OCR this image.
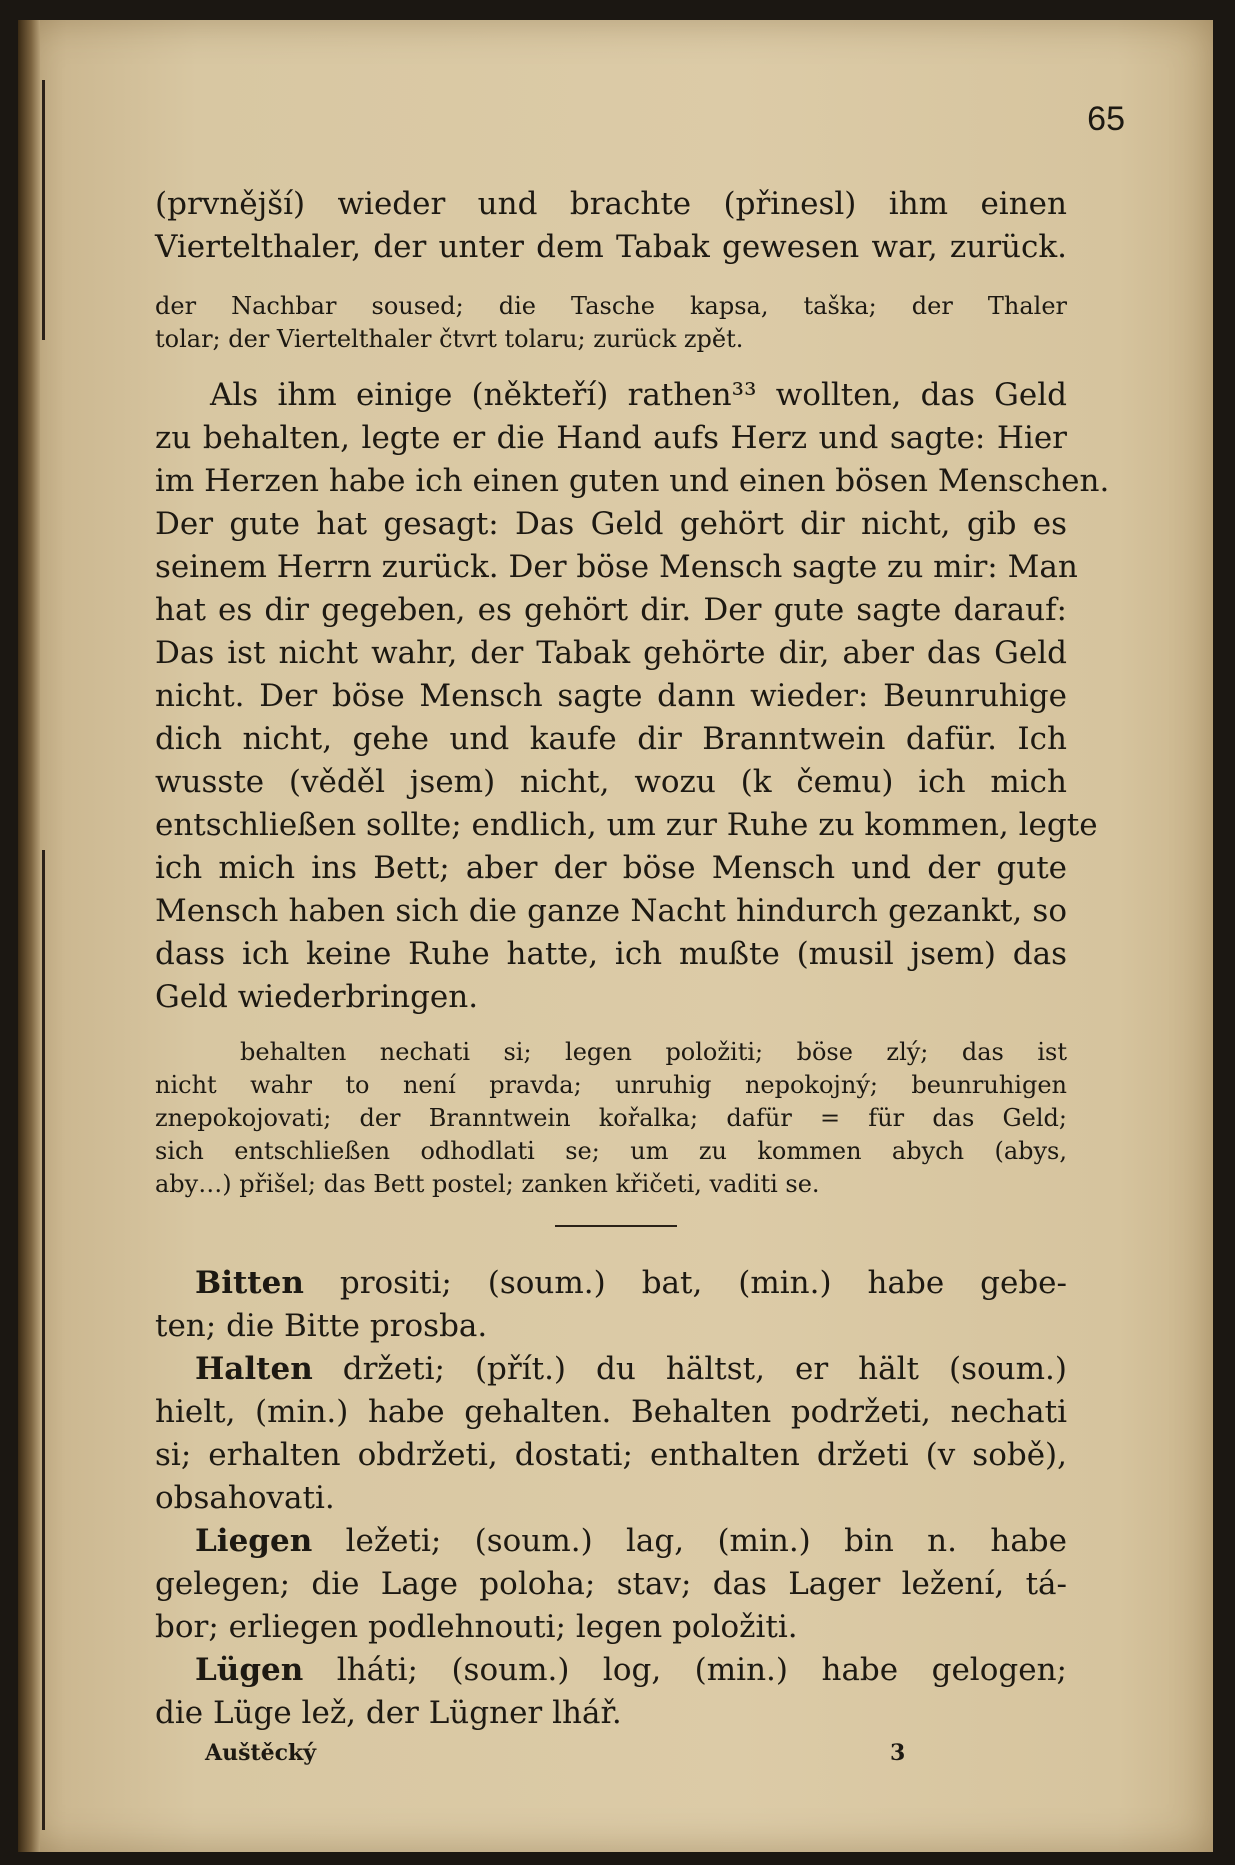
65
(prvnější) wieder und brachte (přinesl) ihm einen
Viertelthaler, der unter dem Tabak gewesen war, zurück.
der Nachbar soused; die Tasche kapsa, taška; der Thaler
tolar; der Viertelthaler čtvrt tolaru; zurück zpět.
Als ihm einige (někteří) rathen³³ wollten, das Geld
zu behalten, legte er die Hand aufs Herz und sagte: Hier
im Herzen habe ich einen guten und einen bösen Menschen.
Der gute hat gesagt: Das Geld gehört dir nicht, gib es
seinem Herrn zurück. Der böse Mensch sagte zu mir: Man
hat es dir gegeben, es gehört dir. Der gute sagte darauf:
Das ist nicht wahr, der Tabak gehörte dir, aber das Geld
nicht. Der böse Mensch sagte dann wieder: Beunruhige
dich nicht, gehe und kaufe dir Branntwein dafür. Ich
wusste (věděl jsem) nicht, wozu (k čemu) ich mich
entschließen sollte; endlich, um zur Ruhe zu kommen, legte
ich mich ins Bett; aber der böse Mensch und der gute
Mensch haben sich die ganze Nacht hindurch gezankt, so
dass ich keine Ruhe hatte, ich mußte (musil jsem) das
Geld wiederbringen.
behalten nechati si; legen položiti; böse zlý; das ist
nicht wahr to není pravda; unruhig nepokojný; beunruhigen
znepokojovati; der Branntwein kořalka; dafür = für das Geld;
sich entschließen odhodlati se; um zu kommen abych (abys,
aby…) přišel; das Bett postel; zanken křičeti, vaditi se.
Bitten prositi; (soum.) bat, (min.) habe gebe-
ten; die Bitte prosba.
Halten držeti; (přít.) du hältst, er hält (soum.)
hielt, (min.) habe gehalten. Behalten podržeti, nechati
si; erhalten obdržeti, dostati; enthalten držeti (v sobě),
obsahovati.
Liegen ležeti; (soum.) lag, (min.) bin n. habe
gelegen; die Lage poloha; stav; das Lager ležení, tá-
bor; erliegen podlehnouti; legen položiti.
Lügen lháti; (soum.) log, (min.) habe gelogen;
die Lüge lež, der Lügner lhář.
Auštěcký	3
